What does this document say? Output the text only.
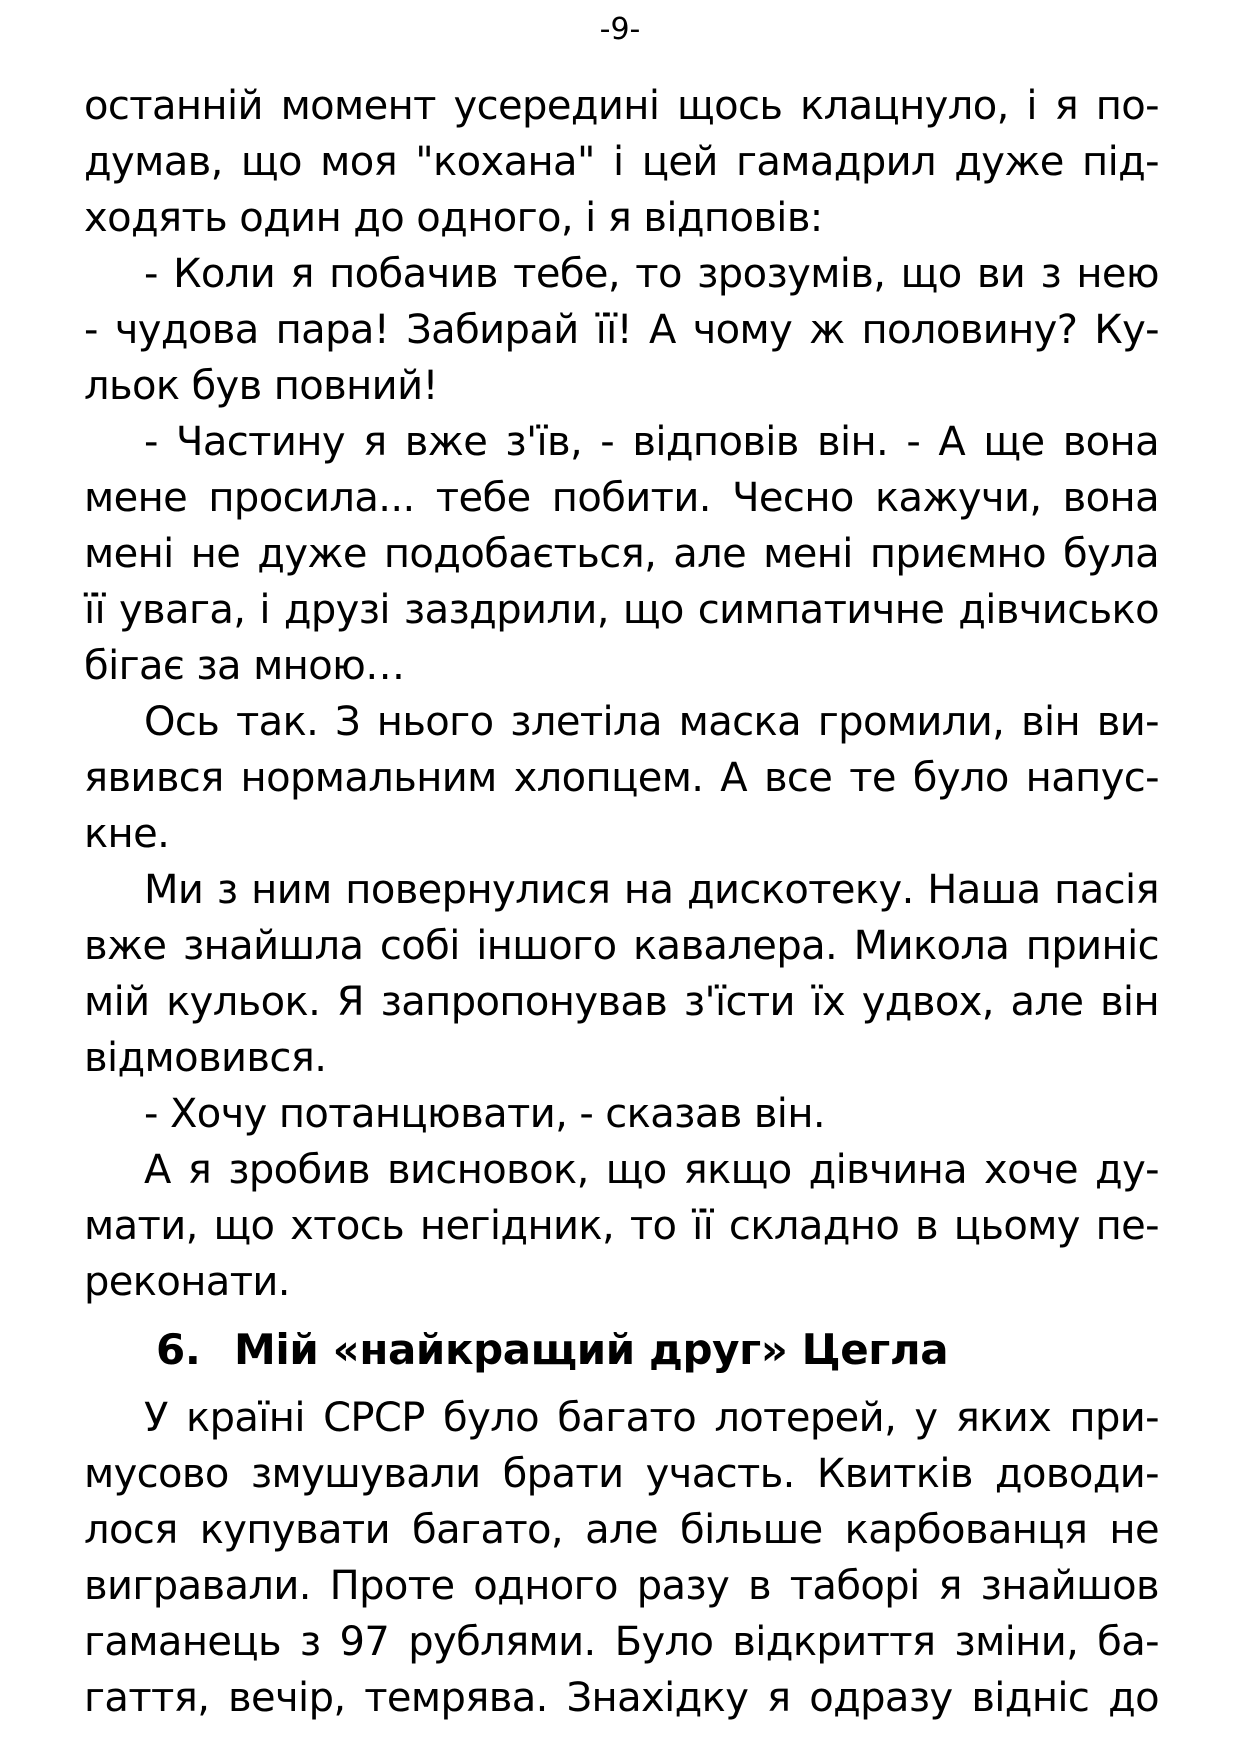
-9-
останній момент усередині щось клацнуло, і я по-
думав, що моя "кохана" і цей гамадрил дуже під-
ходять один до одного, і я відповів:
- Коли я побачив тебе, то зрозумів, що ви з нею
- чудова пара! Забирай її! А чому ж половину? Ку-
льок був повний!
- Частину я вже з'їв, - відповів він. - А ще вона
мене просила... тебе побити. Чесно кажучи, вона
мені не дуже подобається, але мені приємно була
її увага, і друзі заздрили, що симпатичне дівчисько
бігає за мною…
Ось так. З нього злетіла маска громили, він ви-
явився нормальним хлопцем. А все те було напус-
кне.
Ми з ним повернулися на дискотеку. Наша пасія
вже знайшла собі іншого кавалера. Микола приніс
мій кульок. Я запропонував з'їсти їх удвох, але він
відмовився.
- Хочу потанцювати, - сказав він.
А я зробив висновок, що якщо дівчина хоче ду-
мати, що хтось негідник, то її складно в цьому пе-
реконати.
6. Мій «найкращий друг» Цегла
У країні СРСР було багато лотерей, у яких при-
мусово змушували брати участь. Квитків доводи-
лося купувати багато, але більше карбованця не
вигравали. Проте одного разу в таборі я знайшов
гаманець з 97 рублями. Було відкриття зміни, ба-
гаття, вечір, темрява. Знахідку я одразу відніс до
